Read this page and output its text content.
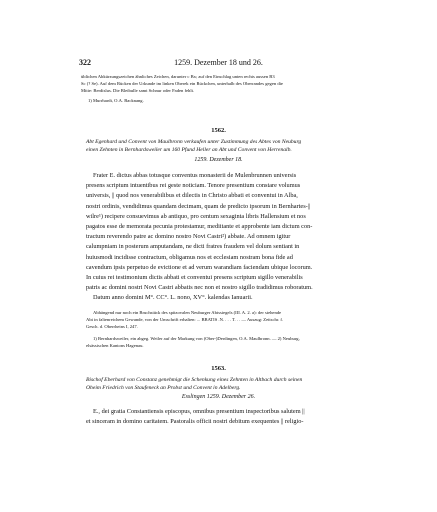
322	1259. Dezember 18 und 26.
üblichen Abkürzungszeichen ähnliches Zeichen, darunter c Bx; auf den Einschlag unten rechts aussen B3
Sc (? Se). Auf dem Rücken der Urkunde im linken Oberek ein Rückchen, unterhalb des Oberrandes gegen die
Mitte: Berdislus. Die Bleibulle samt Schnur oder Faden fehlt.
1) Murrhardt, O.A. Backnang.
1562.
Abt Egenhard und Convent von Maulbronn verkaufen unter Zustimmung des Abtes von Neuburg
einen Zehnten in Bernhardsweiler um 160 Pfund Heller an Abt und Convent von Herrenalb.
1259. Dezember 18.
Frater E. dictus abbas totusque conventus monasterii de Mulenbrunnen universis
presens scriptum intuentibus rei geste noticiam. Tenore presentium constare volumus
universis, || quod nos venerabilibus et dilectis in Christo abbati et conventui in Alba,
nostri ordinis, vendidimus quandam decimam, quam de predicto ipsorum in Bernhartes-||
wilre¹) recipere consuevimus ab antiquo, pro centum sexaginta libris Hallensium et nos
pagatos esse de memorata pecunia protestamur, mediitante et approbente iam dictum con-
tractum reverendo patre ac domino nostro Novi Castri²) abbate. Ad omnem igitur
calumpniam in posterum amputandam, ne dicti fratres fraudem vel dolum sentiant in
huiusmodi incidisse contractum, obligamus nos et ecclesiam nostram bona fide ad
cavendum ipsis perpetuo de evictione et ad verum warandiam faciendam ubique locorum.
In cuius rei testimonium dictis abbati et conventui presens scriptum sigillo venerabilis
patris ac domini nostri Novi Castri abbatis nec non et nostro sigillo tradidimus roboratum.
Datum anno domini M°. CC°. L. nono, XV°. kalendas Ianuarii.
Abhängend nur noch ein Bruchstück des spitzovalen Neuburger Abtssiegels (III. A. 2. a): der stehende
Abt in faltenreichem Gewande, von der Umschrift erhalten: ... BBATIS .N. . . . T. . . — Auszug: Zeitschr. f.
Gesch. d. Oberrheins I, 247.
1) Bernhardsweiler, ein abgeg. Weiler auf der Markung von (Ober-)Derdingen, O.A. Maulbronn. — 2) Neuburg,
elsässischen Kantons Hagenau.
1563.
Bischof Eberhard von Constanz genehmigt die Schenkung eines Zehnten in Altbach durch seinen
Oheim Friedrich von Staufeneck an Probst und Convent in Adelberg.
Esslingen 1259. Dezember 26.
E., dei gratia Constantiensis episcopus, omnibus presentium inspectoribus salutem ||
et sinceram in domino caritatem. Pastoralis officii nostri debitum exequentes || religio-
